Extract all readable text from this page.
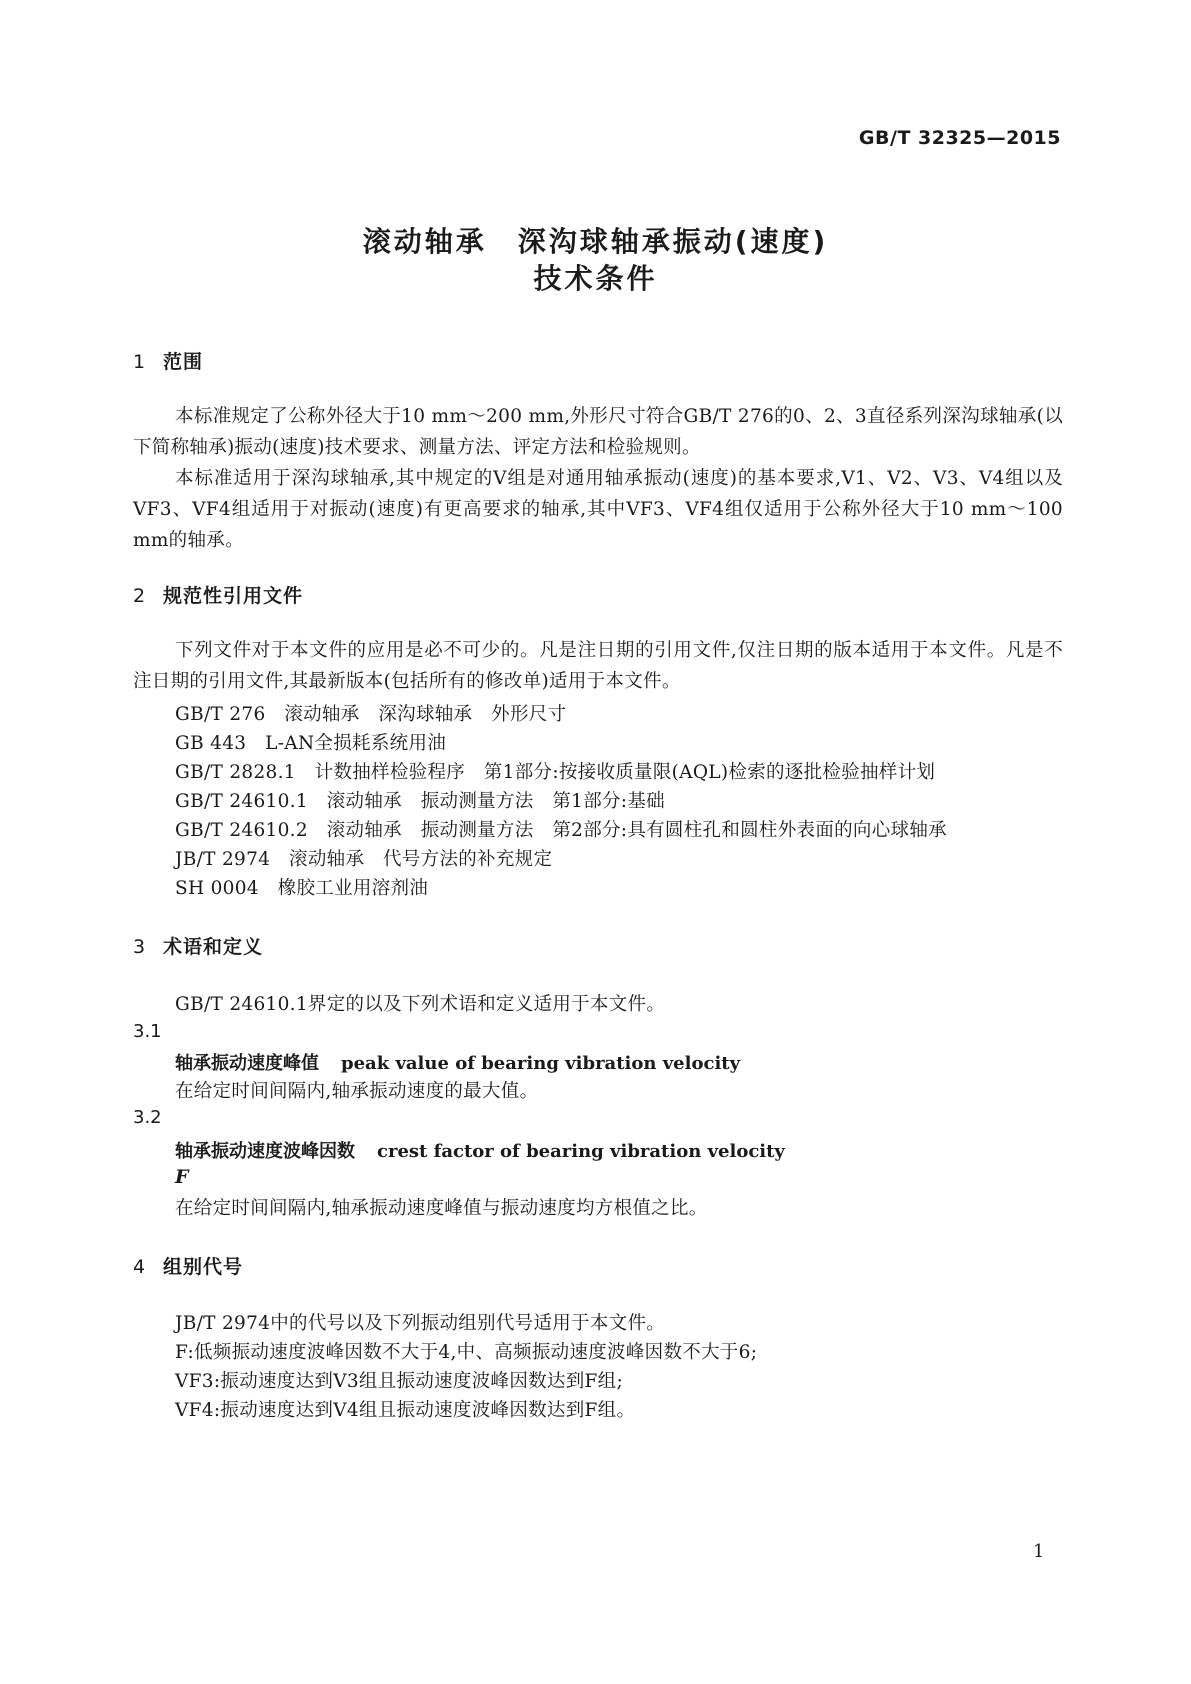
GB/T 32325—2015
滚动轴承　深沟球轴承振动(速度)
技术条件
1 范围

本标准规定了公称外径大于10 mm～200 mm,外形尺寸符合GB/T 276的0、2、3直径系列深沟球轴承(以下简称轴承)振动(速度)技术要求、测量方法、评定方法和检验规则。

本标准适用于深沟球轴承,其中规定的V组是对通用轴承振动(速度)的基本要求,V1、V2、V3、V4组以及VF3、VF4组适用于对振动(速度)有更高要求的轴承,其中VF3、VF4组仅适用于公称外径大于10 mm～100 mm的轴承。

2 规范性引用文件

下列文件对于本文件的应用是必不可少的。凡是注日期的引用文件,仅注日期的版本适用于本文件。凡是不注日期的引用文件,其最新版本(包括所有的修改单)适用于本文件。

GB/T 276　滚动轴承　深沟球轴承　外形尺寸
GB 443　L-AN全损耗系统用油
GB/T 2828.1　计数抽样检验程序　第1部分:按接收质量限(AQL)检索的逐批检验抽样计划
GB/T 24610.1　滚动轴承　振动测量方法　第1部分:基础
GB/T 24610.2　滚动轴承　振动测量方法　第2部分:具有圆柱孔和圆柱外表面的向心球轴承
JB/T 2974　滚动轴承　代号方法的补充规定
SH 0004　橡胶工业用溶剂油
3 术语和定义
GB/T 24610.1界定的以及下列术语和定义适用于本文件。
3.1
轴承振动速度峰值 peak value of bearing vibration velocity
在给定时间间隔内,轴承振动速度的最大值。
3.2
轴承振动速度波峰因数 crest factor of bearing vibration velocity
F
在给定时间间隔内,轴承振动速度峰值与振动速度均方根值之比。
4 组别代号
JB/T 2974中的代号以及下列振动组别代号适用于本文件。
F:低频振动速度波峰因数不大于4,中、高频振动速度波峰因数不大于6;
VF3:振动速度达到V3组且振动速度波峰因数达到F组;
VF4:振动速度达到V4组且振动速度波峰因数达到F组。
1
